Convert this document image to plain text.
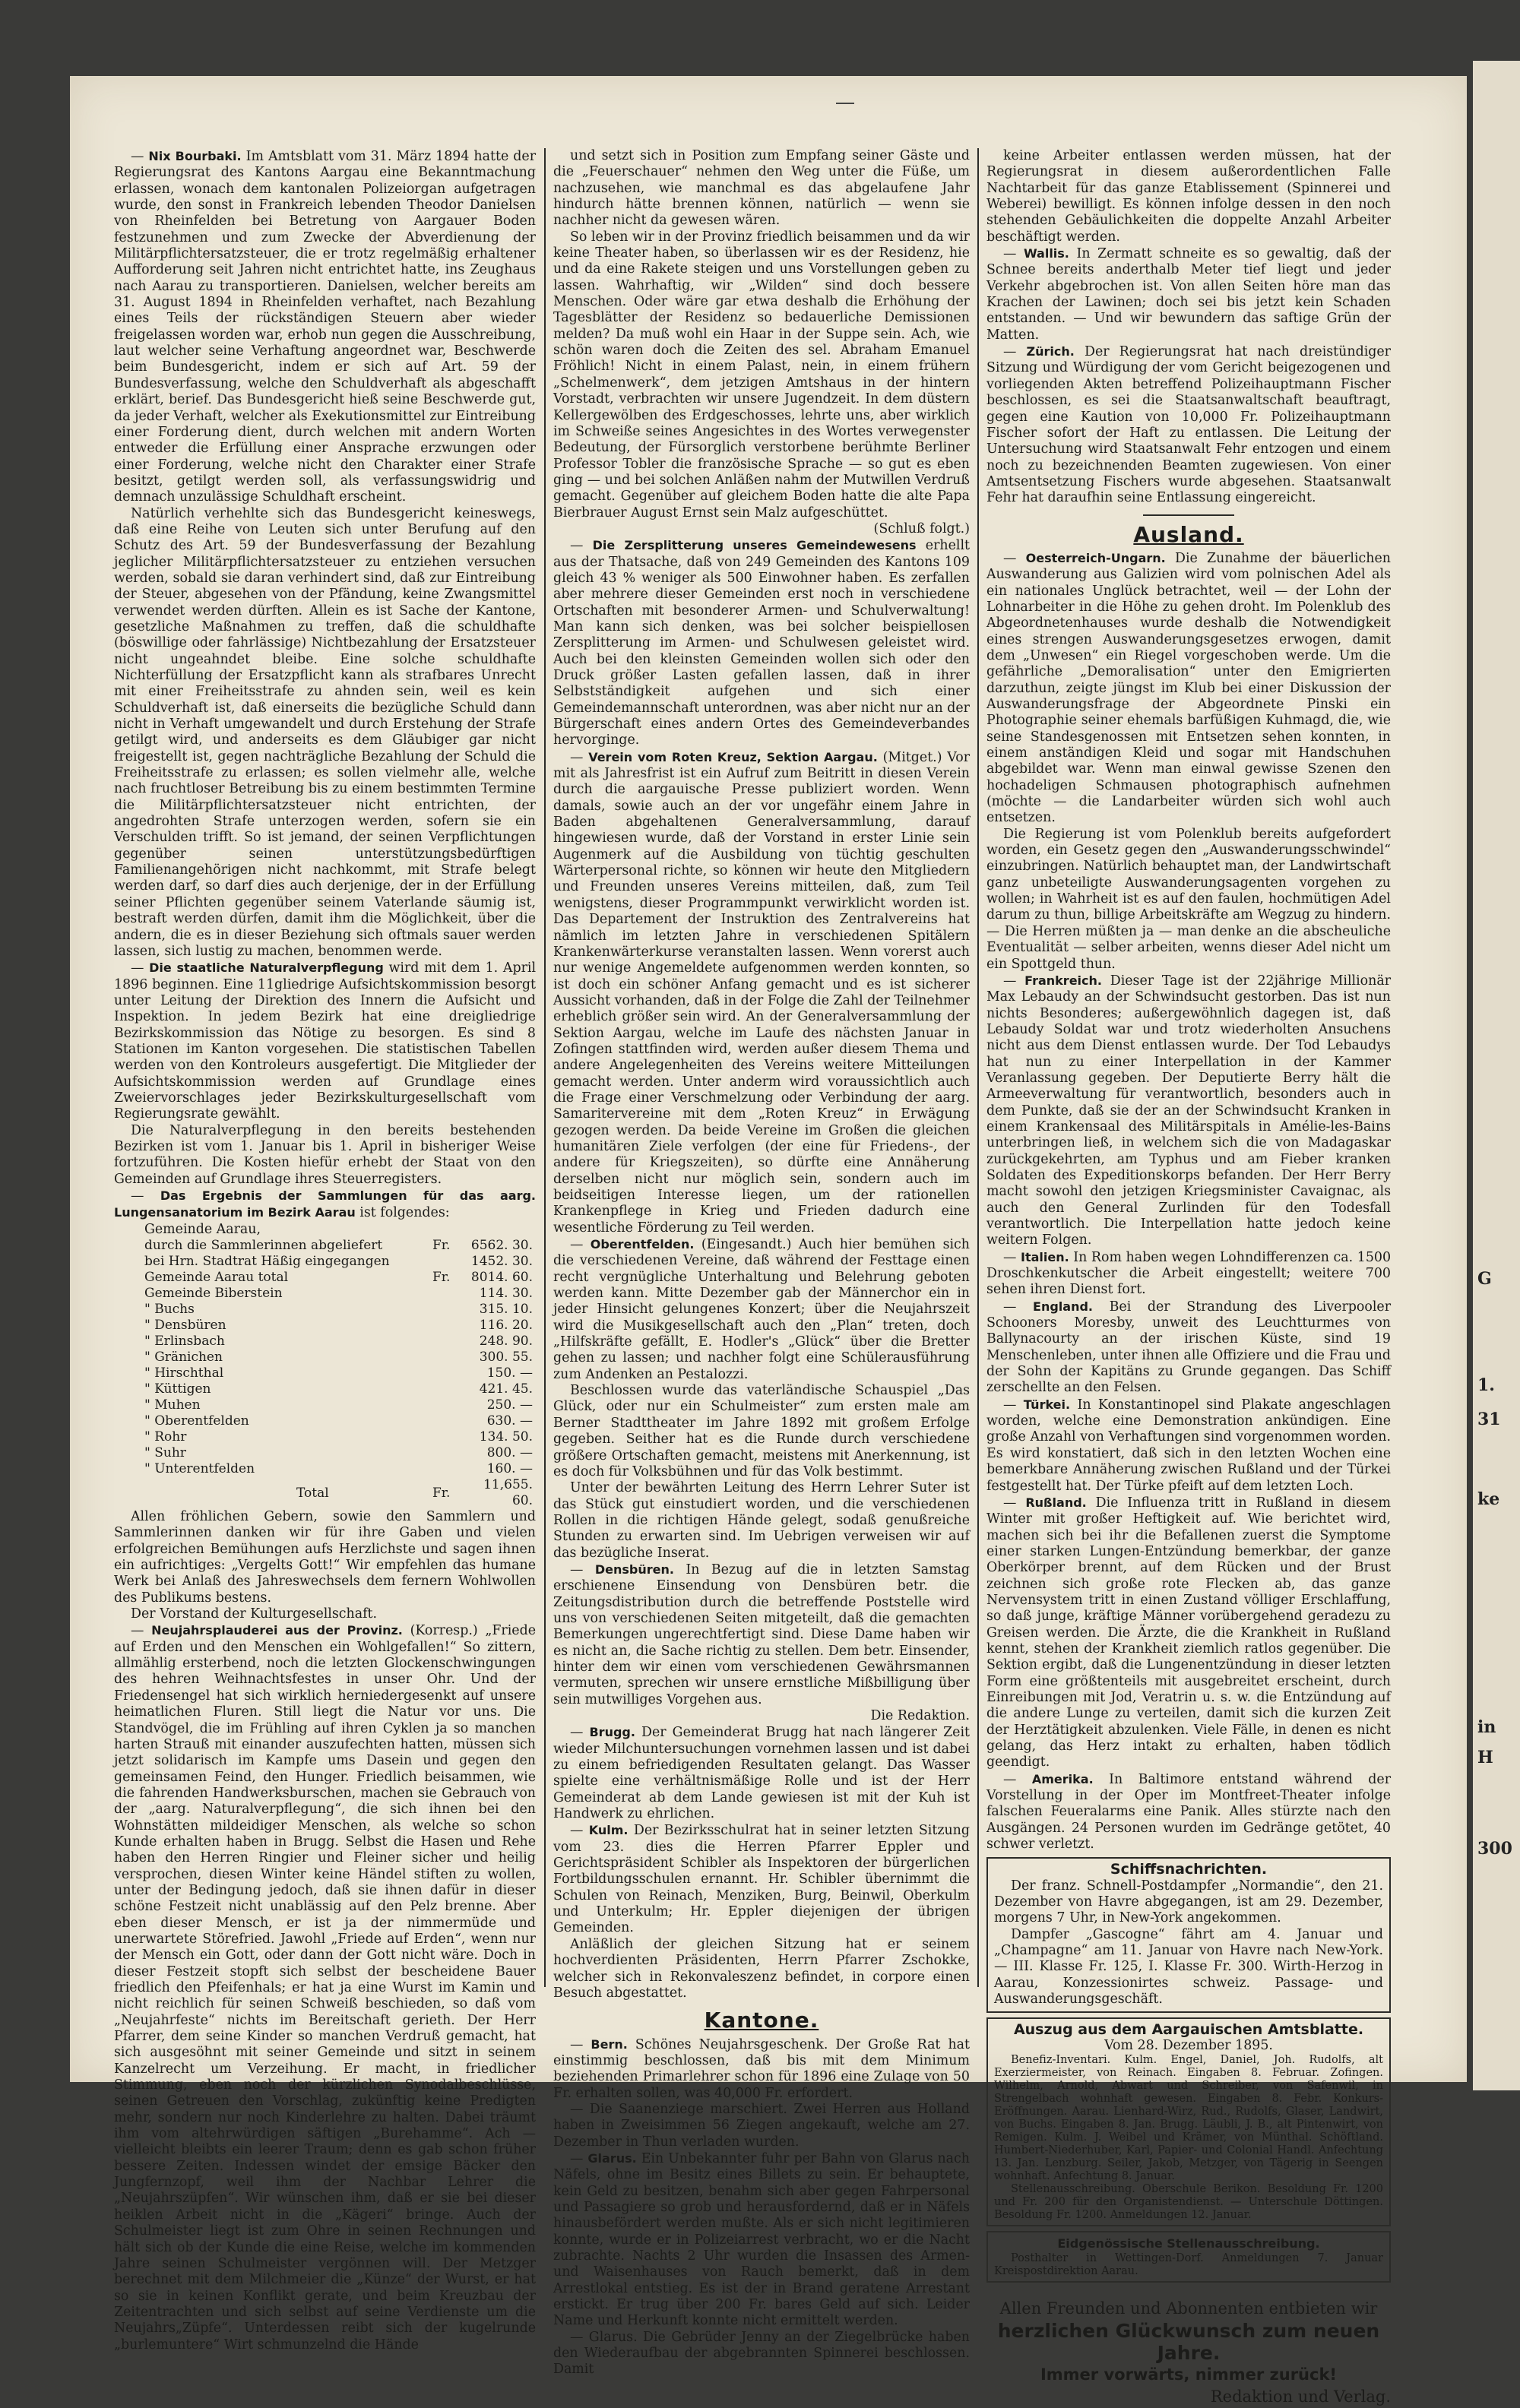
G
1.
31
ke
in
H
300

— Nix Bourbaki. Im Amtsblatt vom 31. März 1894 hatte der Regierungsrat des Kantons Aargau eine Bekanntmachung erlassen, wonach dem kantonalen Polizeiorgan aufgetragen wurde, den sonst in Frankreich lebenden Theodor Danielsen von Rheinfelden bei Betretung von Aargauer Boden festzunehmen und zum Zwecke der Abverdienung der Militärpflichtersatzsteuer, die er trotz regelmäßig erhaltener Aufforderung seit Jahren nicht entrichtet hatte, ins Zeughaus nach Aarau zu transportieren. Danielsen, welcher bereits am 31. August 1894 in Rheinfelden verhaftet, nach Bezahlung eines Teils der rückständigen Steuern aber wieder freigelassen worden war, erhob nun gegen die Ausschreibung, laut welcher seine Verhaftung angeordnet war, Beschwerde beim Bundesgericht, indem er sich auf Art. 59 der Bundesverfassung, welche den Schuldverhaft als abgeschafft erklärt, berief. Das Bundesgericht hieß seine Beschwerde gut, da jeder Verhaft, welcher als Exekutionsmittel zur Eintreibung einer Forderung dient, durch welchen mit andern Worten entweder die Erfüllung einer Ansprache erzwungen oder einer Forderung, welche nicht den Charakter einer Strafe besitzt, getilgt werden soll, als verfassungswidrig und demnach unzulässige Schuldhaft erscheint.

Natürlich verhehlte sich das Bundesgericht keineswegs, daß eine Reihe von Leuten sich unter Berufung auf den Schutz des Art. 59 der Bundesverfassung der Bezahlung jeglicher Militärpflichtersatzsteuer zu entziehen versuchen werden, sobald sie daran verhindert sind, daß zur Eintreibung der Steuer, abgesehen von der Pfändung, keine Zwangsmittel verwendet werden dürften. Allein es ist Sache der Kantone, gesetzliche Maßnahmen zu treffen, daß die schuldhafte (böswillige oder fahrlässige) Nichtbezahlung der Ersatzsteuer nicht ungeahndet bleibe. Eine solche schuldhafte Nichterfüllung der Ersatzpflicht kann als strafbares Unrecht mit einer Freiheitsstrafe zu ahnden sein, weil es kein Schuldverhaft ist, daß einerseits die bezügliche Schuld dann nicht in Verhaft umgewandelt und durch Erstehung der Strafe getilgt wird, und anderseits es dem Gläubiger gar nicht freigestellt ist, gegen nachträgliche Bezahlung der Schuld die Freiheitsstrafe zu erlassen; es sollen vielmehr alle, welche nach fruchtloser Betreibung bis zu einem bestimmten Termine die Militärpflichtersatzsteuer nicht entrichten, der angedrohten Strafe unterzogen werden, sofern sie ein Verschulden trifft. So ist jemand, der seinen Verpflichtungen gegenüber seinen unterstützungsbedürftigen Familienangehörigen nicht nachkommt, mit Strafe belegt werden darf, so darf dies auch derjenige, der in der Erfüllung seiner Pflichten gegenüber seinem Vaterlande säumig ist, bestraft werden dürfen, damit ihm die Möglichkeit, über die andern, die es in dieser Beziehung sich oftmals sauer werden lassen, sich lustig zu machen, benommen werde.

— Die staatliche Naturalverpflegung wird mit dem 1. April 1896 beginnen. Eine 11gliedrige Aufsichtskommission besorgt unter Leitung der Direktion des Innern die Aufsicht und Inspektion. In jedem Bezirk hat eine dreigliedrige Bezirkskommission das Nötige zu besorgen. Es sind 8 Stationen im Kanton vorgesehen. Die statistischen Tabellen werden von den Kontroleurs ausgefertigt. Die Mitglieder der Aufsichtskommission werden auf Grundlage eines Zweiervorschlages jeder Bezirkskulturgesellschaft vom Regierungsrate gewählt.

Die Naturalverpflegung in den bereits bestehenden Bezirken ist vom 1. Januar bis 1. April in bisheriger Weise fortzuführen. Die Kosten hiefür erhebt der Staat von den Gemeinden auf Grundlage ihres Steuerregisters.

— Das Ergebnis der Sammlungen für das aarg. Lungensanatorium im Bezirk Aarau ist folgendes:

Gemeinde Aarau,
durch die Sammlerinnen abgeliefert	Fr.	6562. 30.
bei Hrn. Stadtrat Häßig eingegangen		1452. 30.
Gemeinde Aarau total	Fr.	8014. 60.
Gemeinde Biberstein		114. 30.
" Buchs		315. 10.
" Densbüren		116. 20.
" Erlinsbach		248. 90.
" Gränichen		300. 55.
" Hirschthal		150. —
" Küttigen		421. 45.
" Muhen		250. —
" Oberentfelden		630. —
" Rohr		134. 50.
" Suhr		800. —
" Unterentfelden		160. —
Total	Fr.	11,655. 60.

Allen fröhlichen Gebern, sowie den Sammlern und Sammlerinnen danken wir für ihre Gaben und vielen erfolgreichen Bemühungen aufs Herzlichste und sagen ihnen ein aufrichtiges: „Vergelts Gott!“ Wir empfehlen das humane Werk bei Anlaß des Jahreswechsels dem fernern Wohlwollen des Publikums bestens.

Der Vorstand der Kulturgesellschaft.

— Neujahrsplauderei aus der Provinz. (Korresp.) „Friede auf Erden und den Menschen ein Wohlgefallen!“ So zittern, allmählig ersterbend, noch die letzten Glockenschwingungen des hehren Weihnachtsfestes in unser Ohr. Und der Friedensengel hat sich wirklich herniedergesenkt auf unsere heimatlichen Fluren. Still liegt die Natur vor uns. Die Standvögel, die im Frühling auf ihren Cyklen ja so manchen harten Strauß mit einander auszufechten hatten, müssen sich jetzt solidarisch im Kampfe ums Dasein und gegen den gemeinsamen Feind, den Hunger. Friedlich beisammen, wie die fahrenden Handwerksburschen, machen sie Gebrauch von der „aarg. Naturalverpflegung“, die sich ihnen bei den Wohnstätten mildeidiger Menschen, als welche so schon Kunde erhalten haben in Brugg. Selbst die Hasen und Rehe haben den Herren Ringier und Fleiner sicher und heilig versprochen, diesen Winter keine Händel stiften zu wollen, unter der Bedingung jedoch, daß sie ihnen dafür in dieser schöne Festzeit nicht unablässig auf den Pelz brenne. Aber eben dieser Mensch, er ist ja der nimmermüde und unerwartete Störefried. Jawohl „Friede auf Erden“, wenn nur der Mensch ein Gott, oder dann der Gott nicht wäre. Doch in dieser Festzeit stopft sich selbst der bescheidene Bauer friedlich den Pfeifenhals; er hat ja eine Wurst im Kamin und nicht reichlich für seinen Schweiß beschieden, so daß vom „Neujahrfeste“ nichts im Bereitschaft gerieth. Der Herr Pfarrer, dem seine Kinder so manchen Verdruß gemacht, hat sich ausgesöhnt mit seiner Gemeinde und sitzt in seinem Kanzelrecht um Verzeihung. Er macht, in friedlicher Stimmung, eben noch der kürzlichen Synodalbeschlüsse, seinen Getreuen den Vorschlag, zukünftig keine Predigten mehr, sondern nur noch Kinderlehre zu halten. Dabei träumt ihm vom altehrwürdigen säftigen „Burehamme“. Ach — vielleicht bleibts ein leerer Traum; denn es gab schon früher bessere Zeiten. Indessen windet der emsige Bäcker den Jungfernzopf, weil ihm der Nachbar Lehrer die „Neujahrszüpfen“. Wir wünschen ihm, daß er sie bei dieser heiklen Arbeit nicht in die „Kägeri“ bringe. Auch der Schulmeister liegt ist zum Ohre in seinen Rechnungen und hält sich ob der Kunde die eine Reise, welche im kommenden Jahre seinen Schulmeister vergönnen will. Der Metzger berechnet mit dem Milchmeier die „Künze“ der Wurst, er hat so sie in keinen Konflikt gerate, und beim Kreuzbau der Zeitentrachten und sich selbst auf seine Verdienste um die Neujahrs„Züpfe“. Unterdessen reibt sich der kugelrunde „burlemuntere“ Wirt schmunzelnd die Hände

und setzt sich in Position zum Empfang seiner Gäste und die „Feuerschauer“ nehmen den Weg unter die Füße, um nachzusehen, wie manchmal es das abgelaufene Jahr hindurch hätte brennen können, natürlich — wenn sie nachher nicht da gewesen wären.

So leben wir in der Provinz friedlich beisammen und da wir keine Theater haben, so überlassen wir es der Residenz, hie und da eine Rakete steigen und uns Vorstellungen geben zu lassen. Wahrhaftig, wir „Wilden“ sind doch bessere Menschen. Oder wäre gar etwa deshalb die Erhöhung der Tagesblätter der Residenz so bedauerliche Demissionen melden? Da muß wohl ein Haar in der Suppe sein. Ach, wie schön waren doch die Zeiten des sel. Abraham Emanuel Fröhlich! Nicht in einem Palast, nein, in einem frühern „Schelmenwerk“, dem jetzigen Amtshaus in der hintern Vorstadt, verbrachten wir unsere Jugendzeit. In dem düstern Kellergewölben des Erdgeschosses, lehrte uns, aber wirklich im Schweiße seines Angesichtes in des Wortes verwegenster Bedeutung, der Fürsorglich verstorbene berühmte Berliner Professor Tobler die französische Sprache — so gut es eben ging — und bei solchen Anläßen nahm der Mutwillen Verdruß gemacht. Gegenüber auf gleichem Boden hatte die alte Papa Bierbrauer August Ernst sein Malz aufgeschüttet.

(Schluß folgt.)

— Die Zersplitterung unseres Gemeindewesens erhellt aus der Thatsache, daß von 249 Gemeinden des Kantons 109 gleich 43 % weniger als 500 Einwohner haben. Es zerfallen aber mehrere dieser Gemeinden erst noch in verschiedene Ortschaften mit besonderer Armen- und Schulverwaltung! Man kann sich denken, was bei solcher beispiellosen Zersplitterung im Armen- und Schulwesen geleistet wird. Auch bei den kleinsten Gemeinden wollen sich oder den Druck größer Lasten gefallen lassen, daß in ihrer Selbstständigkeit aufgehen und sich einer Gemeindemannschaft unterordnen, was aber nicht nur an der Bürgerschaft eines andern Ortes des Gemeindeverbandes hervorginge.

— Verein vom Roten Kreuz, Sektion Aargau. (Mitget.) Vor mit als Jahresfrist ist ein Aufruf zum Beitritt in diesen Verein durch die aargauische Presse publiziert worden. Wenn damals, sowie auch an der vor ungefähr einem Jahre in Baden abgehaltenen Generalversammlung, darauf hingewiesen wurde, daß der Vorstand in erster Linie sein Augenmerk auf die Ausbildung von tüchtig geschulten Wärterpersonal richte, so können wir heute den Mitgliedern und Freunden unseres Vereins mitteilen, daß, zum Teil wenigstens, dieser Programmpunkt verwirklicht worden ist. Das Departement der Instruktion des Zentralvereins hat nämlich im letzten Jahre in verschiedenen Spitälern Krankenwärterkurse veranstalten lassen. Wenn vorerst auch nur wenige Angemeldete aufgenommen werden konnten, so ist doch ein schöner Anfang gemacht und es ist sicherer Aussicht vorhanden, daß in der Folge die Zahl der Teilnehmer erheblich größer sein wird. An der Generalversammlung der Sektion Aargau, welche im Laufe des nächsten Januar in Zofingen stattfinden wird, werden außer diesem Thema und andere Angelegenheiten des Vereins weitere Mitteilungen gemacht werden. Unter anderm wird voraussichtlich auch die Frage einer Verschmelzung oder Verbindung der aarg. Samaritervereine mit dem „Roten Kreuz“ in Erwägung gezogen werden. Da beide Vereine im Großen die gleichen humanitären Ziele verfolgen (der eine für Friedens-, der andere für Kriegszeiten), so dürfte eine Annäherung derselben nicht nur möglich sein, sondern auch im beidseitigen Interesse liegen, um der rationellen Krankenpflege in Krieg und Frieden dadurch eine wesentliche Förderung zu Teil werden.

— Oberentfelden. (Eingesandt.) Auch hier bemühen sich die verschiedenen Vereine, daß während der Festtage einen recht vergnügliche Unterhaltung und Belehrung geboten werden kann. Mitte Dezember gab der Männerchor ein in jeder Hinsicht gelungenes Konzert; über die Neujahrszeit wird die Musikgesellschaft auch den „Plan“ treten, doch „Hilfskräfte gefällt, E. Hodler's „Glück“ über die Bretter gehen zu lassen; und nachher folgt eine Schülerausführung zum Andenken an Pestalozzi.

Beschlossen wurde das vaterländische Schauspiel „Das Glück, oder nur ein Schulmeister“ zum ersten male am Berner Stadttheater im Jahre 1892 mit großem Erfolge gegeben. Seither hat es die Runde durch verschiedene größere Ortschaften gemacht, meistens mit Anerkennung, ist es doch für Volksbühnen und für das Volk bestimmt.

Unter der bewährten Leitung des Herrn Lehrer Suter ist das Stück gut einstudiert worden, und die verschiedenen Rollen in die richtigen Hände gelegt, sodaß genußreiche Stunden zu erwarten sind. Im Uebrigen verweisen wir auf das bezügliche Inserat.

— Densbüren. In Bezug auf die in letzten Samstag erschienene Einsendung von Densbüren betr. die Zeitungsdistribution durch die betreffende Poststelle wird uns von verschiedenen Seiten mitgeteilt, daß die gemachten Bemerkungen ungerechtfertigt sind. Diese Dame haben wir es nicht an, die Sache richtig zu stellen. Dem betr. Einsender, hinter dem wir einen vom verschiedenen Gewährsmannen vermuten, sprechen wir unsere ernstliche Mißbilligung über sein mutwilliges Vorgehen aus.

Die Redaktion.

— Brugg. Der Gemeinderat Brugg hat nach längerer Zeit wieder Milchuntersuchungen vornehmen lassen und ist dabei zu einem befriedigenden Resultaten gelangt. Das Wasser spielte eine verhältnismäßige Rolle und ist der Herr Gemeinderat ab dem Lande gewiesen ist mit der Kuh ist Handwerk zu ehrlichen.

— Kulm. Der Bezirksschulrat hat in seiner letzten Sitzung vom 23. dies die Herren Pfarrer Eppler und Gerichtspräsident Schibler als Inspektoren der bürgerlichen Fortbildungsschulen ernannt. Hr. Schibler übernimmt die Schulen von Reinach, Menziken, Burg, Beinwil, Oberkulm und Unterkulm; Hr. Eppler diejenigen der übrigen Gemeinden.

Anläßlich der gleichen Sitzung hat er seinem hochverdienten Präsidenten, Herrn Pfarrer Zschokke, welcher sich in Rekonvaleszenz befindet, in corpore einen Besuch abgestattet.

Kantone.

— Bern. Schönes Neujahrsgeschenk. Der Große Rat hat einstimmig beschlossen, daß bis mit dem Minimum beziehenden Primarlehrer schon für 1896 eine Zulage von 50 Fr. erhalten sollen, was 40,000 Fr. erfordert.

— Die Saanenziege marschiert. Zwei Herren aus Holland haben in Zweisimmen 56 Ziegen angekauft, welche am 27. Dezember in Thun verladen wurden.

— Glarus. Ein Unbekannter fuhr per Bahn von Glarus nach Näfels, ohne im Besitz eines Billets zu sein. Er behauptete, kein Geld zu besitzen, benahm sich aber gegen Fahrpersonal und Passagiere so grob und herausfordernd, daß er in Näfels hinausbefördert werden mußte. Als er sich nicht legitimieren konnte, wurde er in Polizeiarrest verbracht, wo er die Nacht zubrachte. Nachts 2 Uhr wurden die Insassen des Armen- und Waisenhauses von Rauch bemerkt, daß in dem Arrestlokal entstieg. Es ist der in Brand geratene Arrestant erstickt. Er trug über 200 Fr. bares Geld auf sich. Leider Name und Herkunft konnte nicht ermittelt werden.

— Glarus. Die Gebrüder Jenny an der Ziegelbrücke haben den Wiederaufbau der abgebrannten Spinnerei beschlossen. Damit

keine Arbeiter entlassen werden müssen, hat der Regierungsrat in diesem außerordentlichen Falle Nachtarbeit für das ganze Etablissement (Spinnerei und Weberei) bewilligt. Es können infolge dessen in den noch stehenden Gebäulichkeiten die doppelte Anzahl Arbeiter beschäftigt werden.

— Wallis. In Zermatt schneite es so gewaltig, daß der Schnee bereits anderthalb Meter tief liegt und jeder Verkehr abgebrochen ist. Von allen Seiten höre man das Krachen der Lawinen; doch sei bis jetzt kein Schaden entstanden. — Und wir bewundern das saftige Grün der Matten.

— Zürich. Der Regierungsrat hat nach dreistündiger Sitzung und Würdigung der vom Gericht beigezogenen und vorliegenden Akten betreffend Polizeihauptmann Fischer beschlossen, es sei die Staatsanwaltschaft beauftragt, gegen eine Kaution von 10,000 Fr. Polizeihauptmann Fischer sofort der Haft zu entlassen. Die Leitung der Untersuchung wird Staatsanwalt Fehr entzogen und einem noch zu bezeichnenden Beamten zugewiesen. Von einer Amtsentsetzung Fischers wurde abgesehen. Staatsanwalt Fehr hat daraufhin seine Entlassung eingereicht.

Ausland.

— Oesterreich-Ungarn. Die Zunahme der bäuerlichen Auswanderung aus Galizien wird vom polnischen Adel als ein nationales Unglück betrachtet, weil — der Lohn der Lohnarbeiter in die Höhe zu gehen droht. Im Polenklub des Abgeordnetenhauses wurde deshalb die Notwendigkeit eines strengen Auswanderungsgesetzes erwogen, damit dem „Unwesen“ ein Riegel vorgeschoben werde. Um die gefährliche „Demoralisation“ unter den Emigrierten darzuthun, zeigte jüngst im Klub bei einer Diskussion der Auswanderungsfrage der Abgeordnete Pinski ein Photographie seiner ehemals barfüßigen Kuhmagd, die, wie seine Standesgenossen mit Entsetzen sehen konnten, in einem anständigen Kleid und sogar mit Handschuhen abgebildet war. Wenn man einwal gewisse Szenen den hochadeligen Schmausen photographisch aufnehmen (möchte — die Landarbeiter würden sich wohl auch entsetzen.

Die Regierung ist vom Polenklub bereits aufgefordert worden, ein Gesetz gegen den „Auswanderungsschwindel“ einzubringen. Natürlich behauptet man, der Landwirtschaft ganz unbeteiligte Auswanderungsagenten vorgehen zu wollen; in Wahrheit ist es auf den faulen, hochmütigen Adel darum zu thun, billige Arbeitskräfte am Wegzug zu hindern. — Die Herren müßten ja — man denke an die abscheuliche Eventualität — selber arbeiten, wenns dieser Adel nicht um ein Spottgeld thun.

— Frankreich. Dieser Tage ist der 22jährige Millionär Max Lebaudy an der Schwindsucht gestorben. Das ist nun nichts Besonderes; außergewöhnlich dagegen ist, daß Lebaudy Soldat war und trotz wiederholten Ansuchens nicht aus dem Dienst entlassen wurde. Der Tod Lebaudys hat nun zu einer Interpellation in der Kammer Veranlassung gegeben. Der Deputierte Berry hält die Armeeverwaltung für verantwortlich, besonders auch in dem Punkte, daß sie der an der Schwindsucht Kranken in einem Krankensaal des Militärspitals in Amélie-les-Bains unterbringen ließ, in welchem sich die von Madagaskar zurückgekehrten, am Typhus und am Fieber kranken Soldaten des Expeditionskorps befanden. Der Herr Berry macht sowohl den jetzigen Kriegsminister Cavaignac, als auch den General Zurlinden für den Todesfall verantwortlich. Die Interpellation hatte jedoch keine weitern Folgen.

— Italien. In Rom haben wegen Lohndifferenzen ca. 1500 Droschkenkutscher die Arbeit eingestellt; weitere 700 sehen ihren Dienst fort.

— England. Bei der Strandung des Liverpooler Schooners Moresby, unweit des Leuchtturmes von Ballynacourty an der irischen Küste, sind 19 Menschenleben, unter ihnen alle Offiziere und die Frau und der Sohn der Kapitäns zu Grunde gegangen. Das Schiff zerschellte an den Felsen.

— Türkei. In Konstantinopel sind Plakate angeschlagen worden, welche eine Demonstration ankündigen. Eine große Anzahl von Verhaftungen sind vorgenommen worden. Es wird konstatiert, daß sich in den letzten Wochen eine bemerkbare Annäherung zwischen Rußland und der Türkei festgestellt hat. Der Türke pfeift auf dem letzten Loch.

— Rußland. Die Influenza tritt in Rußland in diesem Winter mit großer Heftigkeit auf. Wie berichtet wird, machen sich bei ihr die Befallenen zuerst die Symptome einer starken Lungen-Entzündung bemerkbar, der ganze Oberkörper brennt, auf dem Rücken und der Brust zeichnen sich große rote Flecken ab, das ganze Nervensystem tritt in einen Zustand völliger Erschlaffung, so daß junge, kräftige Männer vorübergehend geradezu zu Greisen werden. Die Ärzte, die die Krankheit in Rußland kennt, stehen der Krankheit ziemlich ratlos gegenüber. Die Sektion ergibt, daß die Lungenentzündung in dieser letzten Form eine größtenteils mit ausgebreitet erscheint, durch Einreibungen mit Jod, Veratrin u. s. w. die Entzündung auf die andere Lunge zu verteilen, damit sich die kurzen Zeit der Herztätigkeit abzulenken. Viele Fälle, in denen es nicht gelang, das Herz intakt zu erhalten, haben tödlich geendigt.

— Amerika. In Baltimore entstand während der Vorstellung in der Oper im Montfreet-Theater infolge falschen Feueralarms eine Panik. Alles stürzte nach den Ausgängen. 24 Personen wurden im Gedränge getötet, 40 schwer verletzt.

Schiffsnachrichten.

Der franz. Schnell-Postdampfer „Normandie“, den 21. Dezember von Havre abgegangen, ist am 29. Dezember, morgens 7 Uhr, in New-York angekommen.

Dampfer „Gascogne“ fährt am 4. Januar und „Champagne“ am 11. Januar von Havre nach New-York. — III. Klasse Fr. 125, I. Klasse Fr. 300. Wirth-Herzog in Aarau, Konzessionirtes schweiz. Passage- und Auswanderungsgeschäft.

Auszug aus dem Aargauischen Amtsblatte.

Vom 28. Dezember 1895.

Benefiz-Inventari. Kulm. Engel, Daniel, Joh. Rudolfs, alt Exerziermeister, von Reinach. Eingaben 8. Februar. Zofingen. Wilhelm, Arnold, Abwart und Schreiber, von Safenwil, in Strengelbach wohnhaft gewesen. Eingaben 8. Febr. Konkurs-Eröffnungen. Aarau. Lienhard-Wirz, Rud., Rudolfs, Glaser, Landwirt, von Buchs. Eingaben 8. Jan. Brugg. Läubli, J. B., alt Pintenwirt, von Remigen. Kulm. J. Weibel und Krämer, von Münthal. Schöftland. Humbert-Niederhuber, Karl, Papier- und Colonial Handl. Anfechtung 13. Jan. Lenzburg. Seiler, Jakob, Metzger, von Tägerig in Seengen wohnhaft. Anfechtung 8. Januar.

Stellenausschreibung. Oberschule Berikon. Besoldung Fr. 1200 und Fr. 200 für den Organistendienst. — Unterschule Döttingen. Besoldung Fr. 1200. Anmeldungen 12. Januar.

Eidgenössische Stellenausschreibung.

Posthalter in Wettingen-Dorf. Anmeldungen 7. Januar Kreispostdirektion Aarau.

Allen Freunden und Abonnenten entbieten wir
herzlichen Glückwunsch zum neuen Jahre.
Immer vorwärts, nimmer zurück!
Redaktion und Verlag.
